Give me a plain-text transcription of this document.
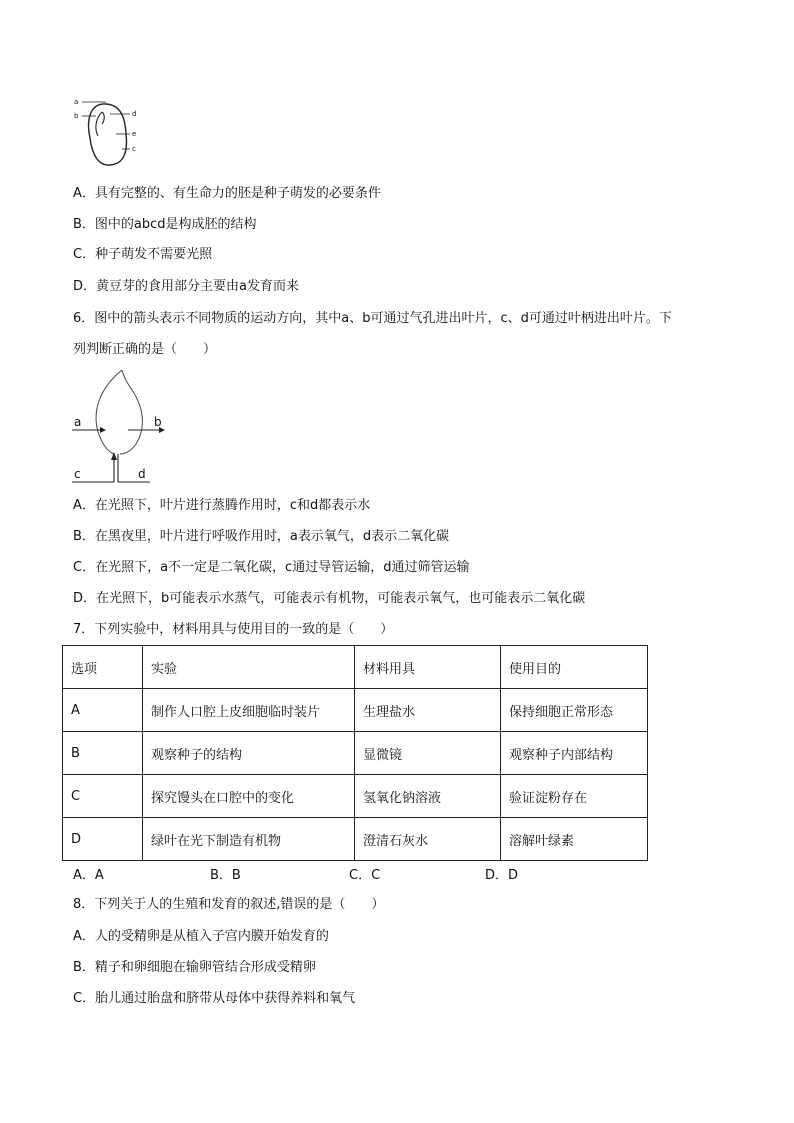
a
b	d
e
c
A．具有完整的、有生命力的胚是种子萌发的必要条件
B．图中的abcd是构成胚的结构
C．种子萌发不需要光照
D．黄豆芽的食用部分主要由a发育而来
6．图中的箭头表示不同物质的运动方向，其中a、b可通过气孔进出叶片，c、d可通过叶柄进出叶片。下
列判断正确的是（　　）
a	b
c	d
A．在光照下，叶片进行蒸腾作用时，c和d都表示水
B．在黑夜里，叶片进行呼吸作用时，a表示氧气，d表示二氧化碳
C．在光照下，a不一定是二氧化碳，c通过导管运输，d通过筛管运输
D．在光照下，b可能表示水蒸气，可能表示有机物，可能表示氧气，也可能表示二氧化碳
7．下列实验中，材料用具与使用目的一致的是（　　）
选项	实验	材料用具	使用目的
A	制作人口腔上皮细胞临时装片	生理盐水	保持细胞正常形态
B	观察种子的结构	显微镜	观察种子内部结构
C	探究馒头在口腔中的变化	氢氧化钠溶液	验证淀粉存在
D	绿叶在光下制造有机物	澄清石灰水	溶解叶绿素
A．A	B．B	C．C	D．D
8．下列关于人的生殖和发育的叙述,错误的是（　　）
A．人的受精卵是从植入子宫内膜开始发育的
B．精子和卵细胞在输卵管结合形成受精卵
C．胎儿通过胎盘和脐带从母体中获得养料和氧气
